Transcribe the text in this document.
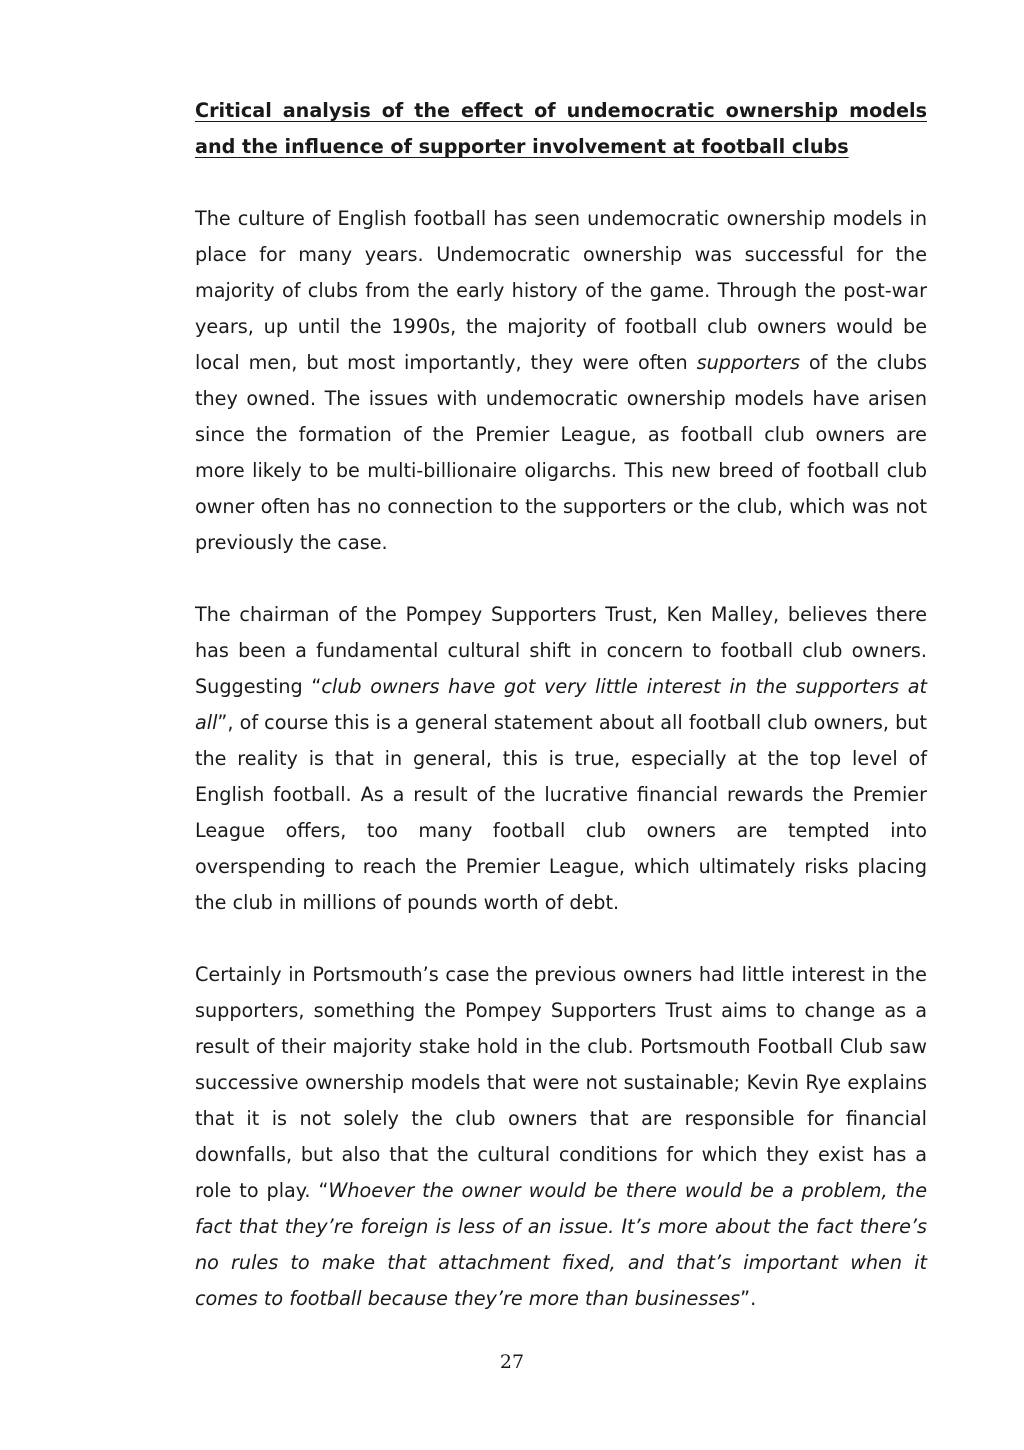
Critical analysis of the effect of undemocratic ownership models and the influence of supporter involvement at football clubs

The culture of English football has seen undemocratic ownership models in place for many years. Undemocratic ownership was successful for the majority of clubs from the early history of the game. Through the post-war years, up until the 1990s, the majority of football club owners would be local men, but most importantly, they were often supporters of the clubs they owned. The issues with undemocratic ownership models have arisen since the formation of the Premier League, as football club owners are more likely to be multi-billionaire oligarchs. This new breed of football club owner often has no connection to the supporters or the club, which was not previously the case.

The chairman of the Pompey Supporters Trust, Ken Malley, believes there has been a fundamental cultural shift in concern to football club owners. Suggesting “club owners have got very little interest in the supporters at all”, of course this is a general statement about all football club owners, but the reality is that in general, this is true, especially at the top level of English football. As a result of the lucrative financial rewards the Premier League offers, too many football club owners are tempted into overspending to reach the Premier League, which ultimately risks placing the club in millions of pounds worth of debt.

Certainly in Portsmouth’s case the previous owners had little interest in the supporters, something the Pompey Supporters Trust aims to change as a result of their majority stake hold in the club. Portsmouth Football Club saw successive ownership models that were not sustainable; Kevin Rye explains that it is not solely the club owners that are responsible for financial downfalls, but also that the cultural conditions for which they exist has a role to play. “Whoever the owner would be there would be a problem, the fact that they’re foreign is less of an issue. It’s more about the fact there’s no rules to make that attachment fixed, and that’s important when it comes to football because they’re more than businesses”.

27
